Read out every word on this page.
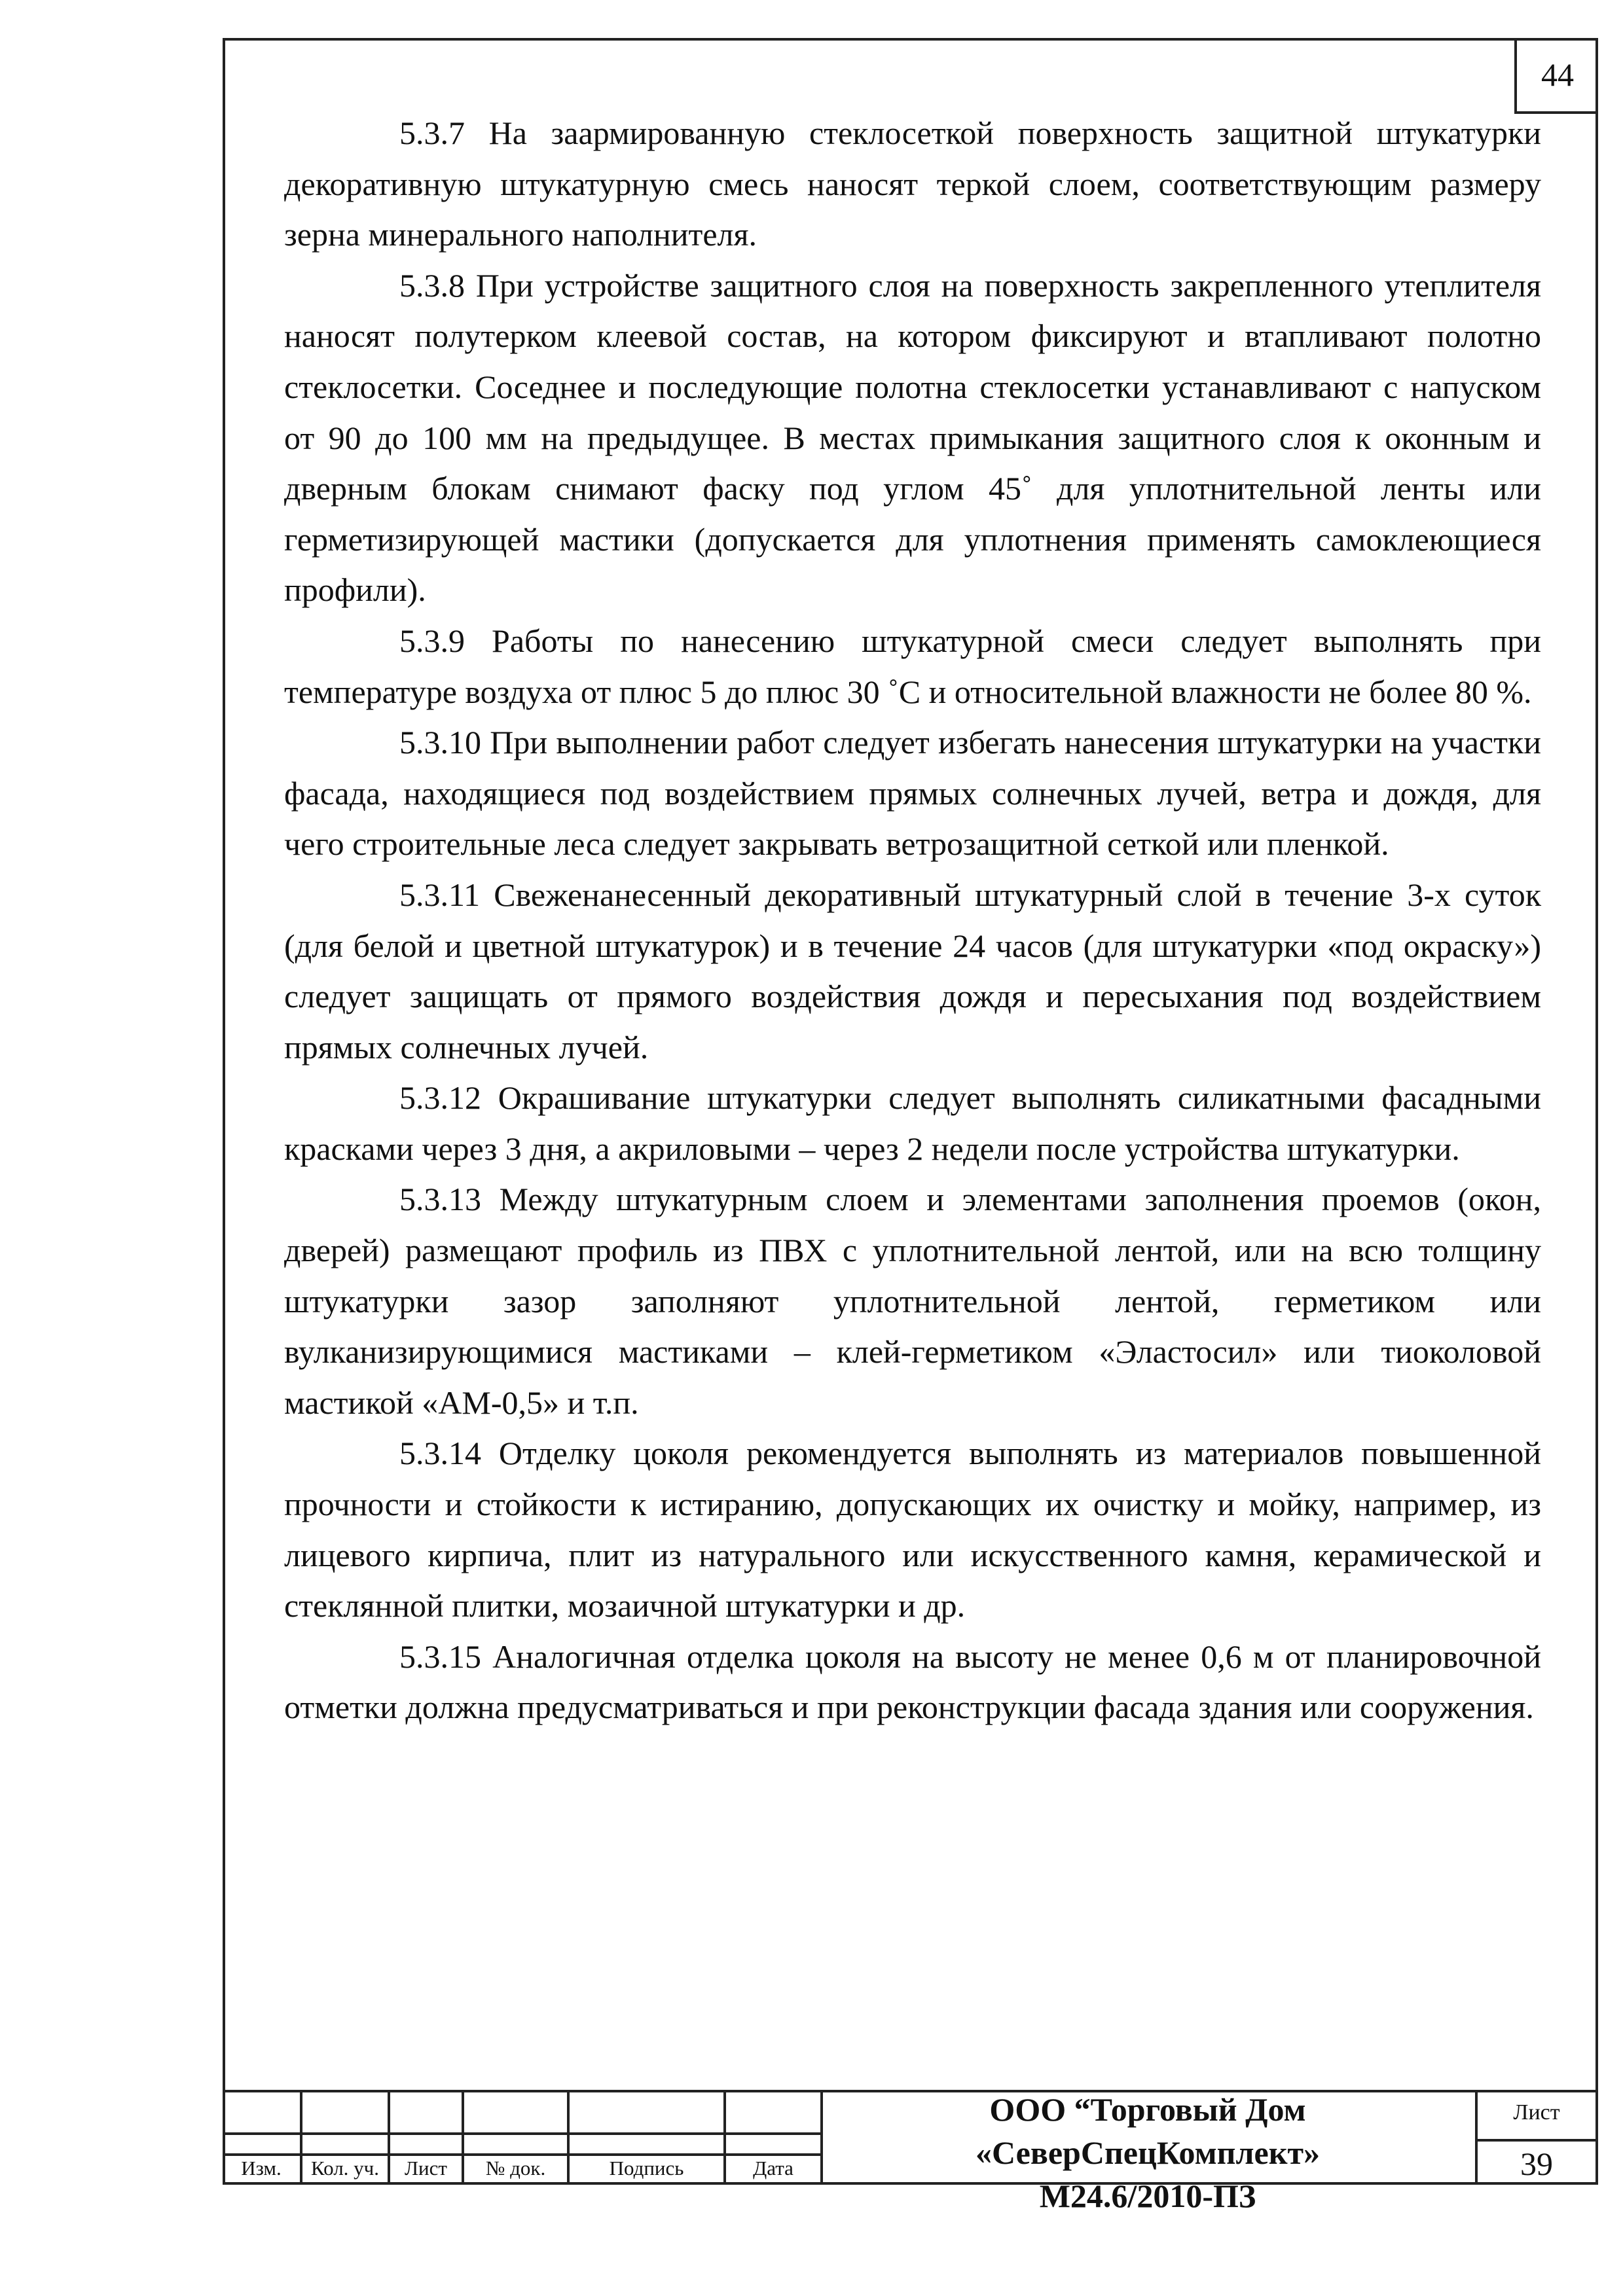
44

5.3.7 На заармированную стеклосеткой поверхность защитной штукатурки декоративную штукатурную смесь наносят теркой слоем, соответствующим размеру зерна минерального наполнителя.

5.3.8 При устройстве защитного слоя на поверхность закрепленного утеплителя наносят полутерком клеевой состав, на котором фиксируют и втапливают полотно стеклосетки. Соседнее и последующие полотна стеклосетки устанавливают с напуском от 90 до 100 мм на предыдущее. В местах примыкания защитного слоя к оконным и дверным блокам снимают фаску под углом 45˚ для уплотнительной ленты или герметизирующей мастики (допускается для уплотнения применять самоклеющиеся профили).

5.3.9 Работы по нанесению штукатурной смеси следует выполнять при температуре воздуха от плюс 5 до плюс 30 ˚С и относительной влажности не более 80 %.

5.3.10 При выполнении работ следует избегать нанесения штукатурки на участки фасада, находящиеся под воздействием прямых солнечных лучей, ветра и дождя, для чего строительные леса следует закрывать ветрозащитной сеткой или пленкой.

5.3.11 Свеженанесенный декоративный штукатурный слой в течение 3-х суток (для белой и цветной штукатурок) и в течение 24 часов (для штукатурки «под окраску») следует защищать от прямого воздействия дождя и пересыхания под воздействием прямых солнечных лучей.

5.3.12 Окрашивание штукатурки следует выполнять силикатными фасадными красками через 3 дня, а акриловыми – через 2 недели после устройства штукатурки.

5.3.13 Между штукатурным слоем и элементами заполнения проемов (окон, дверей) размещают профиль из ПВХ с уплотнительной лентой, или на всю толщину штукатурки зазор заполняют уплотнительной лентой, герметиком или вулканизирующимися мастиками – клей-герметиком «Эластосил» или тиоколовой мастикой «АМ-0,5» и т.п.

5.3.14 Отделку цоколя рекомендуется выполнять из материалов повышенной прочности и стойкости к истиранию, допускающих их очистку и мойку, например, из лицевого кирпича, плит из натурального или искусственного камня, керамической и стеклянной плитки, мозаичной штукатурки и др.

5.3.15 Аналогичная отделка цоколя на высоту не менее 0,6 м от планировочной отметки должна предусматриваться и при реконструкции фасада здания или сооружения.

Изм.	Кол. уч.	Лист	№ док.	Подпись	Дата
ООО “Торговый Дом
«СеверСпецКомплект»
М24.6/2010-ПЗ
Лист
39
